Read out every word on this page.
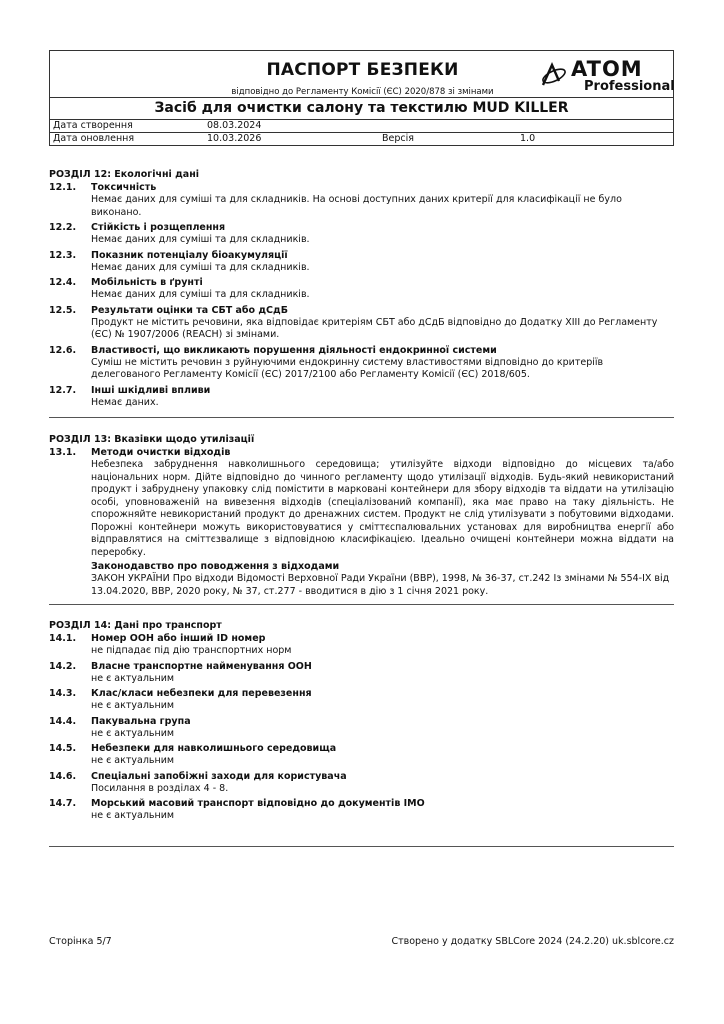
ПАСПОРТ БЕЗПЕКИ
відповідно до Регламенту Комісії (ЄС) 2020/878 зі змінами
ATOM
Professional
Засіб для очистки салону та текстилю MUD KILLER
Дата створення	08.03.2024
Дата оновлення	10.03.2026	Версія	1.0
РОЗДІЛ 12: Екологічні дані
12.1. Токсичність
Немає даних для суміші та для складників. На основі доступних даних критерії для класифікації не було виконано.
12.2. Стійкість і розщеплення
Немає даних для суміші та для складників.
12.3. Показник потенціалу біоакумуляції
Немає даних для суміші та для складників.
12.4. Мобільність в ґрунті
Немає даних для суміші та для складників.
12.5. Результати оцінки та СБТ або дСдБ
Продукт не містить речовини, яка відповідає критеріям СБТ або дСдБ відповідно до Додатку XIII до Регламенту (ЄС) № 1907/2006 (REACH) зі змінами.
12.6. Властивості, що викликають порушення діяльності ендокринної системи
Суміш не містить речовин з руйнуючими ендокринну систему властивостями відповідно до критеріїв делегованого Регламенту Комісії (ЄС) 2017/2100 або Регламенту Комісії (ЄС) 2018/605.
12.7. Інші шкідливі впливи
Немає даних.
РОЗДІЛ 13: Вказівки щодо утилізації
13.1. Методи очистки відходів
Небезпека забруднення навколишнього середовища; утилізуйте відходи відповідно до місцевих та/або національних норм. Дійте відповідно до чинного регламенту щодо утилізації відходів. Будь-який невикористаний продукт і забруднену упаковку слід помістити в марковані контейнери для збору відходів та віддати на утилізацію особі, уповноваженій на вивезення відходів (спеціалізований компанії), яка має право на таку діяльність. Не спорожняйте невикористаний продукт до дренажних систем. Продукт не слід утилізувати з побутовими відходами. Порожні контейнери можуть використовуватися у сміттєспалювальних установах для виробництва енергії або відправлятися на сміттєзвалище з відповідною класифікацією. Ідеально очищені контейнери можна віддати на переробку.
Законодавство про поводження з відходами
ЗАКОН УКРАЇНИ Про відходи Відомості Верховної Ради України (ВВР), 1998, № 36-37, ст.242 Із змінами № 554-IX від 13.04.2020, ВВР, 2020 року, № 37, ст.277 - вводитися в дію з 1 січня 2021 року.
РОЗДІЛ 14: Дані про транспорт
14.1. Номер ООН або інший ID номер
не підпадає під дію транспортних норм
14.2. Власне транспортне найменування ООН
не є актуальним
14.3. Клас/класи небезпеки для перевезення
не є актуальним
14.4. Пакувальна група
не є актуальним
14.5. Небезпеки для навколишнього середовища
не є актуальним
14.6. Спеціальні запобіжні заходи для користувача
Посилання в розділах 4 - 8.
14.7. Морський масовий транспорт відповідно до документів IMO
не є актуальним
Сторінка 5/7	Створено у додатку SBLCore 2024 (24.2.20) uk.sblcore.cz
